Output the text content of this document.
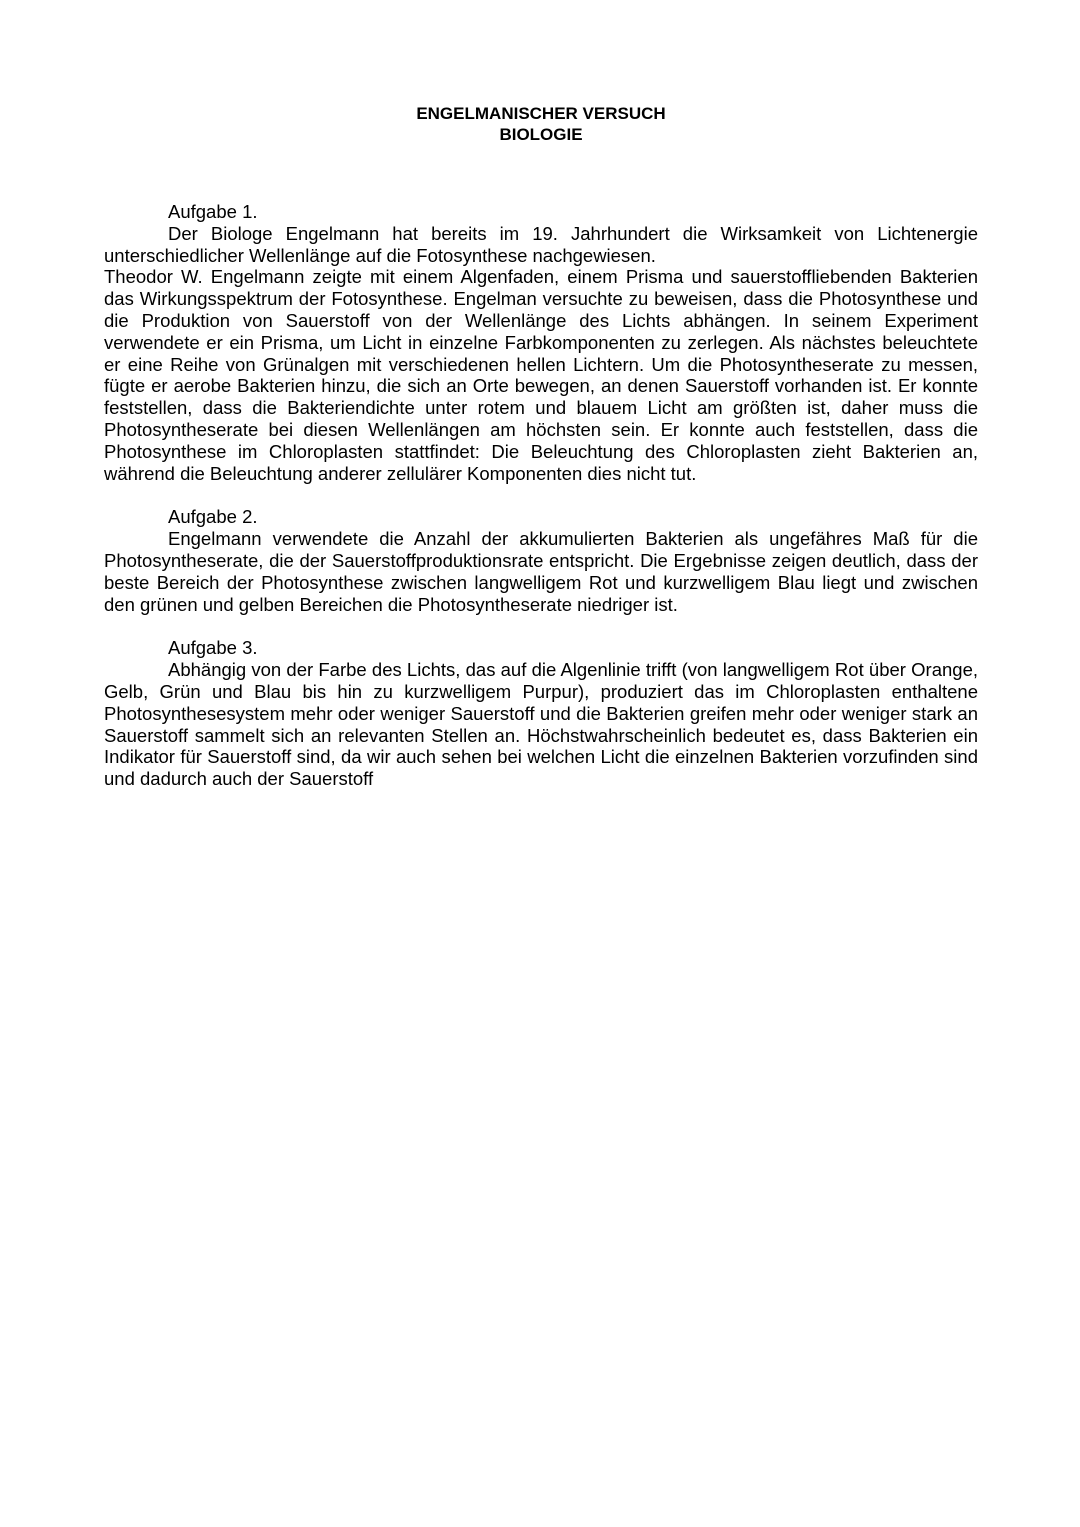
ENGELMANISCHER VERSUCH
BIOLOGIE

Aufgabe 1.

Der Biologe Engelmann hat bereits im 19. Jahrhundert die Wirksamkeit von Lichtenergie unterschiedlicher Wellenlänge auf die Fotosynthese nachgewiesen.

Theodor W. Engelmann zeigte mit einem Algenfaden, einem Prisma und sauerstoffliebenden Bakterien das Wirkungsspektrum der Fotosynthese. Engelman versuchte zu beweisen, dass die Photosynthese und die Produktion von Sauerstoff von der Wellenlänge des Lichts abhängen. In seinem Experiment verwendete er ein Prisma, um Licht in einzelne Farbkomponenten zu zerlegen. Als nächstes beleuchtete er eine Reihe von Grünalgen mit verschiedenen hellen Lichtern. Um die Photosyntheserate zu messen, fügte er aerobe Bakterien hinzu, die sich an Orte bewegen, an denen Sauerstoff vorhanden ist. Er konnte feststellen, dass die Bakteriendichte unter rotem und blauem Licht am größten ist, daher muss die Photosyntheserate bei diesen Wellenlängen am höchsten sein. Er konnte auch feststellen, dass die Photosynthese im Chloroplasten stattfindet: Die Beleuchtung des Chloroplasten zieht Bakterien an, während die Beleuchtung anderer zellulärer Komponenten dies nicht tut.

Aufgabe 2.

Engelmann verwendete die Anzahl der akkumulierten Bakterien als ungefähres Maß für die Photosyntheserate, die der Sauerstoffproduktionsrate entspricht. Die Ergebnisse zeigen deutlich, dass der beste Bereich der Photosynthese zwischen langwelligem Rot und kurzwelligem Blau liegt und zwischen den grünen und gelben Bereichen die Photosyntheserate niedriger ist.

Aufgabe 3.

Abhängig von der Farbe des Lichts, das auf die Algenlinie trifft (von langwelligem Rot über Orange, Gelb, Grün und Blau bis hin zu kurzwelligem Purpur), produziert das im Chloroplasten enthaltene Photosynthesesystem mehr oder weniger Sauerstoff und die Bakterien greifen mehr oder weniger stark an Sauerstoff sammelt sich an relevanten Stellen an. Höchstwahrscheinlich bedeutet es, dass Bakterien ein Indikator für Sauerstoff sind, da wir auch sehen bei welchen Licht die einzelnen Bakterien vorzufinden sind und dadurch auch der Sauerstoff
